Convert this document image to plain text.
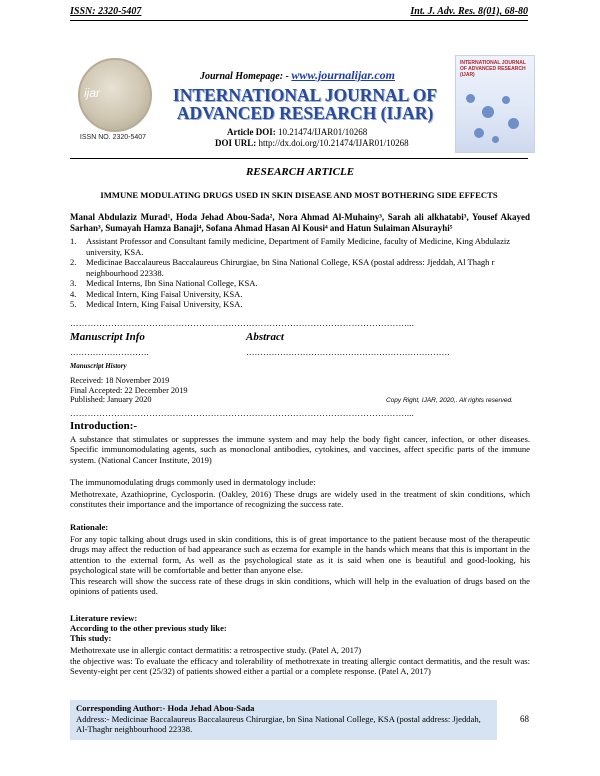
ISSN: 2320-5407	Int. J. Adv. Res. 8(01), 68-80
ijar
ISSN NO. 2320-5407
Journal Homepage: - www.journalijar.com
INTERNATIONAL JOURNAL OF
ADVANCED RESEARCH (IJAR)
Article DOI: 10.21474/IJAR01/10268
DOI URL: http://dx.doi.org/10.21474/IJAR01/10268
INTERNATIONAL JOURNAL OF ADVANCED RESEARCH (IJAR)
RESEARCH ARTICLE
IMMUNE MODULATING DRUGS USED IN SKIN DISEASE AND MOST BOTHERING SIDE EFFECTS
Manal Abdulaziz Murad¹, Hoda Jehad Abou-Sada², Nora Ahmad Al-Muhainy³, Sarah ali alkhatabi³, Yousef Akayed Sarhan³, Sumayah Hamza Banaji⁴, Sofana Ahmad Hasan Al Kousi⁴ and Hatun Sulaiman Alsurayhi⁵
1.	Assistant Professor and Consultant family medicine, Department of Family Medicine, faculty of Medicine, King Abdulaziz university, KSA.
2.	Medicinae Baccalaureus Baccalaureus Chirurgiae, bn Sina National College, KSA (postal address: Jjeddah, Al Thagh r neighbourhood 22338.
3.	Medical Interns, Ibn Sina National College, KSA.
4.	Medical Intern, King Faisal University, KSA.
5.	Medical Intern, King Faisal University, KSA.
……………………………………………………………………………………………………....
Manuscript Info	Abstract
……………………….	………………………………………………………………
Manuscript History
Received: 18 November 2019
Final Accepted: 22 December 2019
Published: January 2020	Copy Right, IJAR, 2020,. All rights reserved.
……………………………………………………………………………………………………....
Introduction:-
A substance that stimulates or suppresses the immune system and may help the body fight cancer, infection, or other diseases. Specific immunomodulating agents, such as monoclonal antibodies, cytokines, and vaccines, affect specific parts of the immune system. (National Cancer Institute, 2019)
The immunomodulating drugs commonly used in dermatology include:
Methotrexate, Azathioprine, Cyclosporin. (Oakley, 2016) These drugs are widely used in the treatment of skin conditions, which constitutes their importance and the importance of recognizing the success rate.
Rationale:
For any topic talking about drugs used in skin conditions, this is of great importance to the patient because most of the therapeutic drugs may affect the reduction of bad appearance such as eczema for example in the hands which means that this is important in the attention to the external form, As well as the psychological state as it is said when one is beautiful and good-looking, his psychological state will be comfortable and better than anyone else.
This research will show the success rate of these drugs in skin conditions, which will help in the evaluation of drugs based on the opinions of patients used.
Literature review:
According to the other previous study like:
This study:
Methotrexate use in allergic contact dermatitis: a retrospective study. (Patel A, 2017)
the objective was: To evaluate the efficacy and tolerability of methotrexate in treating allergic contact dermatitis, and the result was: Seventy-eight per cent (25/32) of patients showed either a partial or a complete response. (Patel A, 2017)
Corresponding Author:- Hoda Jehad Abou-Sada
Address:- Medicinae Baccalaureus Baccalaureus Chirurgiae, bn Sina National College, KSA (postal address: Jjeddah, Al-Thaghr neighbourhood 22338.
68
